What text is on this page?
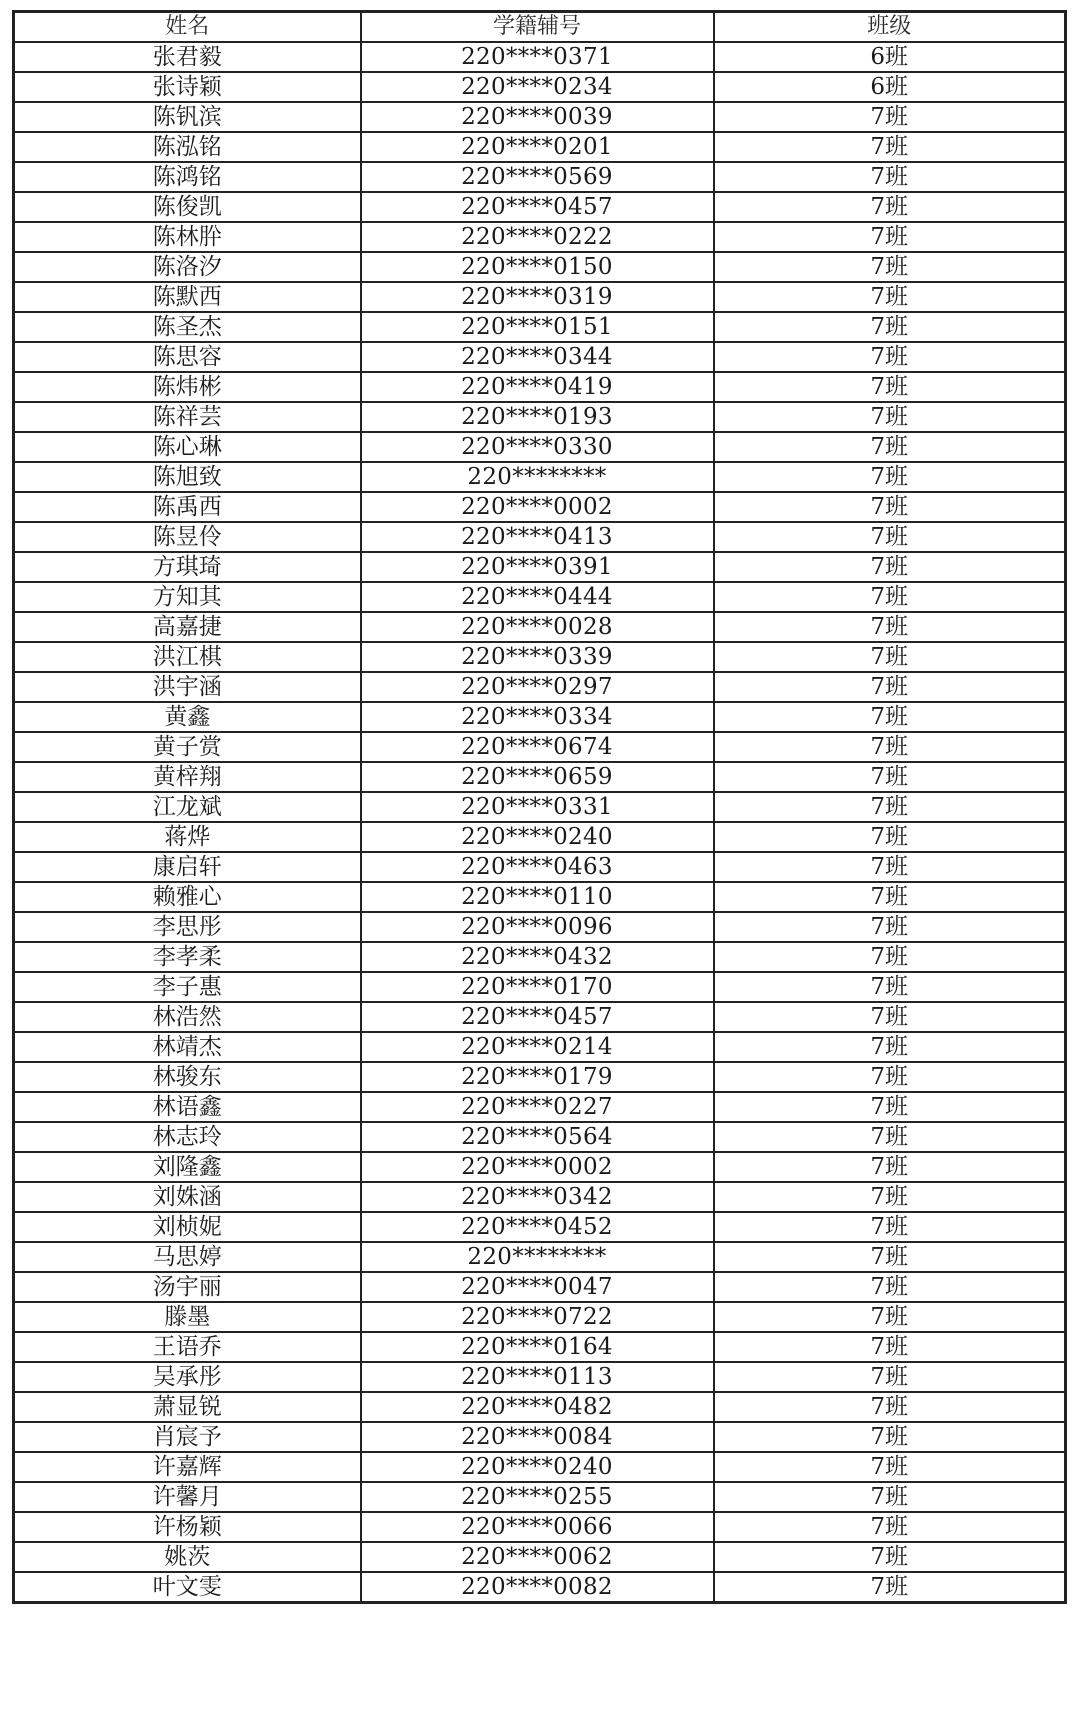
姓名	学籍辅号	班级
张君毅	220****0371	6班
张诗颖	220****0234	6班
陈钒滨	220****0039	7班
陈泓铭	220****0201	7班
陈鸿铭	220****0569	7班
陈俊凯	220****0457	7班
陈林肸	220****0222	7班
陈洛汐	220****0150	7班
陈默西	220****0319	7班
陈圣杰	220****0151	7班
陈思容	220****0344	7班
陈炜彬	220****0419	7班
陈祥芸	220****0193	7班
陈心琳	220****0330	7班
陈旭致	220********	7班
陈禹西	220****0002	7班
陈昱伶	220****0413	7班
方琪琦	220****0391	7班
方知其	220****0444	7班
高嘉捷	220****0028	7班
洪江棋	220****0339	7班
洪宇涵	220****0297	7班
黄鑫	220****0334	7班
黄子赏	220****0674	7班
黄梓翔	220****0659	7班
江龙斌	220****0331	7班
蒋烨	220****0240	7班
康启轩	220****0463	7班
赖雅心	220****0110	7班
李思彤	220****0096	7班
李孝柔	220****0432	7班
李子惠	220****0170	7班
林浩然	220****0457	7班
林靖杰	220****0214	7班
林骏东	220****0179	7班
林语鑫	220****0227	7班
林志玲	220****0564	7班
刘隆鑫	220****0002	7班
刘姝涵	220****0342	7班
刘桢妮	220****0452	7班
马思婷	220********	7班
汤宇丽	220****0047	7班
滕墨	220****0722	7班
王语乔	220****0164	7班
吴承彤	220****0113	7班
萧显锐	220****0482	7班
肖宸予	220****0084	7班
许嘉辉	220****0240	7班
许馨月	220****0255	7班
许杨颖	220****0066	7班
姚茨	220****0062	7班
叶文雯	220****0082	7班
